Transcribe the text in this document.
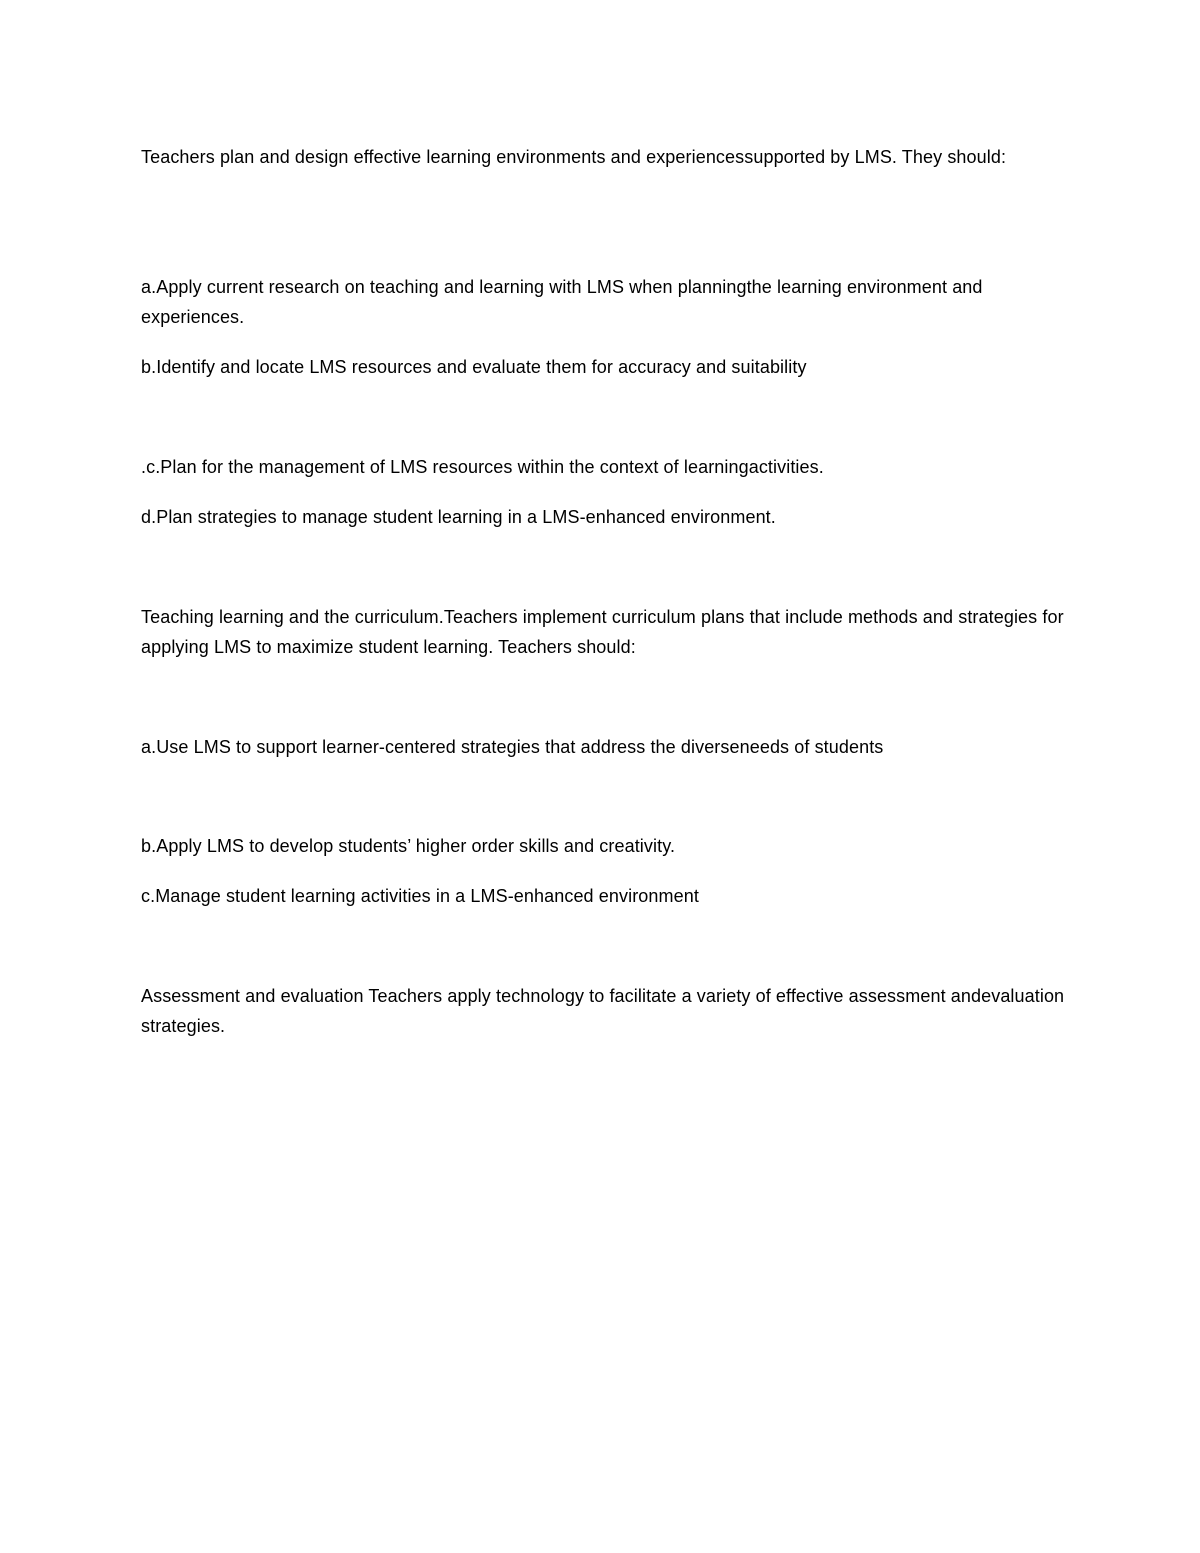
Teachers plan and design effective learning environments and experiencessupported by LMS. They should:

a.Apply current research on teaching and learning with LMS when planningthe learning environment and experiences.

b.Identify and locate LMS resources and evaluate them for accuracy and suitability

.c.Plan for the management of LMS resources within the context of learningactivities.

d.Plan strategies to manage student learning in a LMS-enhanced environment.

Teaching learning and the curriculum.Teachers implement curriculum plans that include methods and strategies for applying LMS to maximize student learning. Teachers should:

a.Use LMS to support learner-centered strategies that address the diverseneeds of students

b.Apply LMS to develop students’ higher order skills and creativity.

c.Manage student learning activities in a LMS-enhanced environment

Assessment and evaluation Teachers apply technology to facilitate a variety of effective assessment andevaluation strategies.
